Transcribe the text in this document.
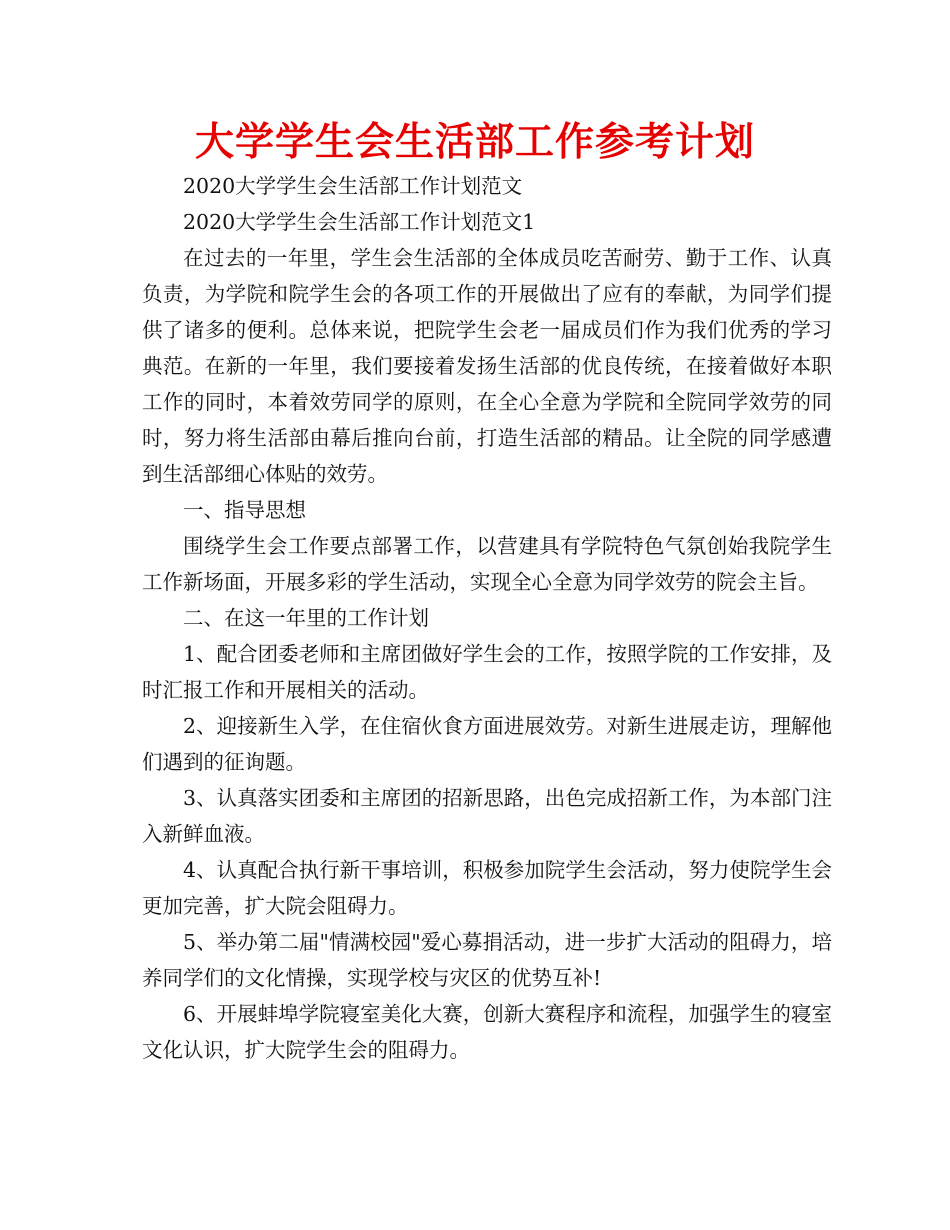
大学学生会生活部工作参考计划

2020大学学生会生活部工作计划范文

2020大学学生会生活部工作计划范文1

在过去的一年里，学生会生活部的全体成员吃苦耐劳、勤于工作、认真负责，为学院和院学生会的各项工作的开展做出了应有的奉献，为同学们提供了诸多的便利。总体来说，把院学生会老一届成员们作为我们优秀的学习典范。在新的一年里，我们要接着发扬生活部的优良传统，在接着做好本职工作的同时，本着效劳同学的原则，在全心全意为学院和全院同学效劳的同时，努力将生活部由幕后推向台前，打造生活部的精品。让全院的同学感遭到生活部细心体贴的效劳。

一、指导思想

围绕学生会工作要点部署工作，以营建具有学院特色气氛创始我院学生工作新场面，开展多彩的学生活动，实现全心全意为同学效劳的院会主旨。

二、在这一年里的工作计划

1、配合团委老师和主席团做好学生会的工作，按照学院的工作安排，及时汇报工作和开展相关的活动。

2、迎接新生入学，在住宿伙食方面进展效劳。对新生进展走访，理解他们遇到的征询题。

3、认真落实团委和主席团的招新思路，出色完成招新工作，为本部门注入新鲜血液。

4、认真配合执行新干事培训，积极参加院学生会活动，努力使院学生会更加完善，扩大院会阻碍力。

5、举办第二届"情满校园"爱心募捐活动，进一步扩大活动的阻碍力，培养同学们的文化情操，实现学校与灾区的优势互补!

6、开展蚌埠学院寝室美化大赛，创新大赛程序和流程，加强学生的寝室文化认识，扩大院学生会的阻碍力。
